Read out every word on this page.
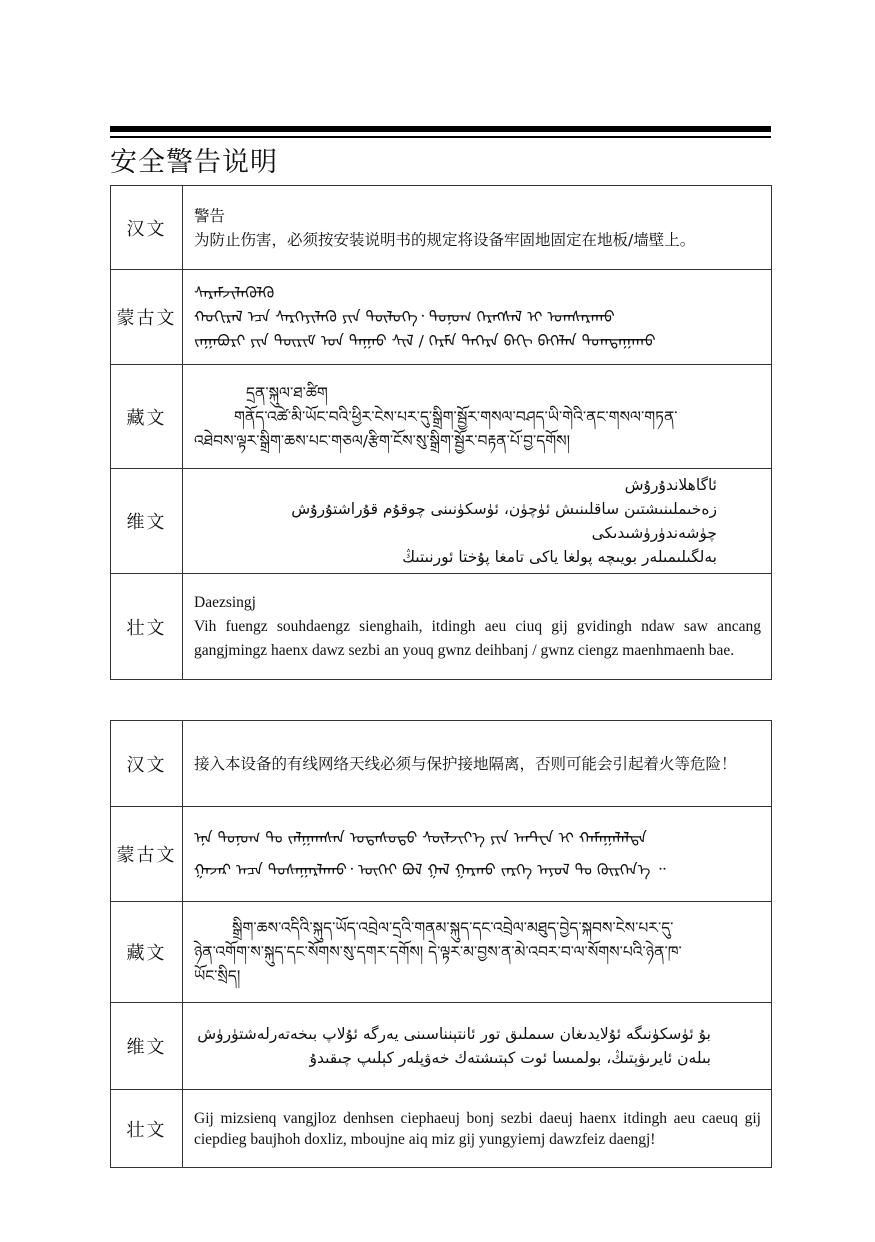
安全警告说明
汉文	警告
为防止伤害，必须按安装说明书的规定将设备牢固地固定在地板/墙壁上。

蒙古文	ᠰᠡᠷᠡᠮᠵᠢᠯᠡᠭᠦᠯᠬᠦ
ᠬᠣᠬᠢᠷᠠᠯ ᠡᠴᠡ ᠰᠡᠷᠭᠡᠶᠢᠯᠡᠬᠦ ᠶᠢᠨ ᠲᠥᠯᠥᠭᠡ᠂ ᠲᠣᠨᠣᠭ ᠬᠡᠷᠡᠭᠰᠡᠯ ᠢ ᠤᠭᠰᠠᠷᠠᠬᠤ
ᠵᠠᠭᠠᠪᠤᠷᠢ ᠶᠢᠨ ᠳᠦᠷᠢᠮ ᠤᠨ ᠳᠠᠭᠠᠤ ᠰᠢᠯ / ᠬᠡᠷᠮᠡ ᠳᠡᠭᠡᠷᠡ ᠪᠠᠬᠢ ᠪᠡᠬᠡᠯᠡᠨ ᠲᠣᠭᠲᠠᠭᠠᠬᠤ

藏文	དྲན་སྐུལ་ཐ་ཚིག
གནོད་འཚེ་མི་ཡོང་བའི་ཕྱིར་ངེས་པར་དུ་སྒྲིག་སྦྱོར་གསལ་བཤད་ཡི་གེའི་ནང་གསལ་གཏན་
འཐེབས་ལྟར་སྒྲིག་ཆས་པང་གཅལ/རྩིག་ངོས་སུ་སྒྲིག་སྦྱོར་བརྟན་པོ་བྱ་དགོས།

维文	ئاگاھلاندۇرۇش
زەخىملىنىشتىن ساقلىنىش ئۈچۈن، ئۈسكۈنىنى چوقۇم قۇراشتۇرۇش چۈشەندۈرۈشىدىكى
بەلگىلىمىلەر بويىچە پولغا ياكى تامغا پۇختا ئورنىتىڭ

壮文	Daezsingj
Vih fuengz souhdaengz sienghaih, itdingh aeu ciuq gij gvidingh ndaw saw ancang gangjmingz haenx dawz sezbi an youq gwnz deihbanj / gwnz ciengz maenhmaenh bae.
汉文	接入本设备的有线网络天线必须与保护接地隔离，否则可能会引起着火等危险！

蒙古文	ᠡᠨᠡ ᠲᠣᠨᠣᠭ ᠲᠤ ᠵᠠᠯᠭᠠᠭᠰᠠᠨ ᠤᠲᠠᠰᠤᠲᠤ ᠰᠦᠯᠵᠢᠶ᠎ᠡ ᠶᠢᠨ ᠠᠨᠲᠧᠨ ᠢ ᠬᠠᠮᠠᠭᠠᠯᠠᠯᠲᠠ
ᠭᠠᠵᠠᠷ ᠠᠴᠠ ᠲᠤᠰᠠᠭᠠᠷᠯᠠᠬᠤ᠂ ᠦᠭᠡᠢ ᠪᠣᠯ ᠭᠠᠯ ᠭᠠᠷᠬᠤ ᠵᠡᠷᠭᠡ ᠠᠶᠤᠯ ᠲᠤ ᠬᠦᠷᠭᠡᠨ᠎ᠡ ᠃

藏文	སྒྲིག་ཆས་འདིའི་སྐུད་ཡོད་འབྲེལ་དྲའི་གནམ་སྐུད་དང་འབྲེལ་མཐུད་བྱེད་སྐབས་ངེས་པར་དུ་
ཉེན་འགོག་ས་སྐུད་དང་སོགས་སུ་དགར་དགོས། དེ་ལྟར་མ་བྱས་ན་མེ་འབར་བ་ལ་སོགས་པའི་ཉེན་ཁ་
ཡོང་སྲིད།

维文	بۇ ئۈسكۈنىگە ئۇلايدىغان سىملىق تور ئانتېنناسىنى يەرگە ئۇلاپ بىخەتەرلەشتۈرۈش
بىلەن ئايرىۋېتىڭ، بولمىسا ئوت كېتىشتەك خەۋپلەر كېلىپ چىقىدۇ

壮文	Gij mizsienq vangjloz denhsen ciephaeuj bonj sezbi daeuj haenx itdingh aeu caeuq gij ciepdieg baujhoh doxliz, mboujne aiq miz gij yungyiemj dawzfeiz daengj!
